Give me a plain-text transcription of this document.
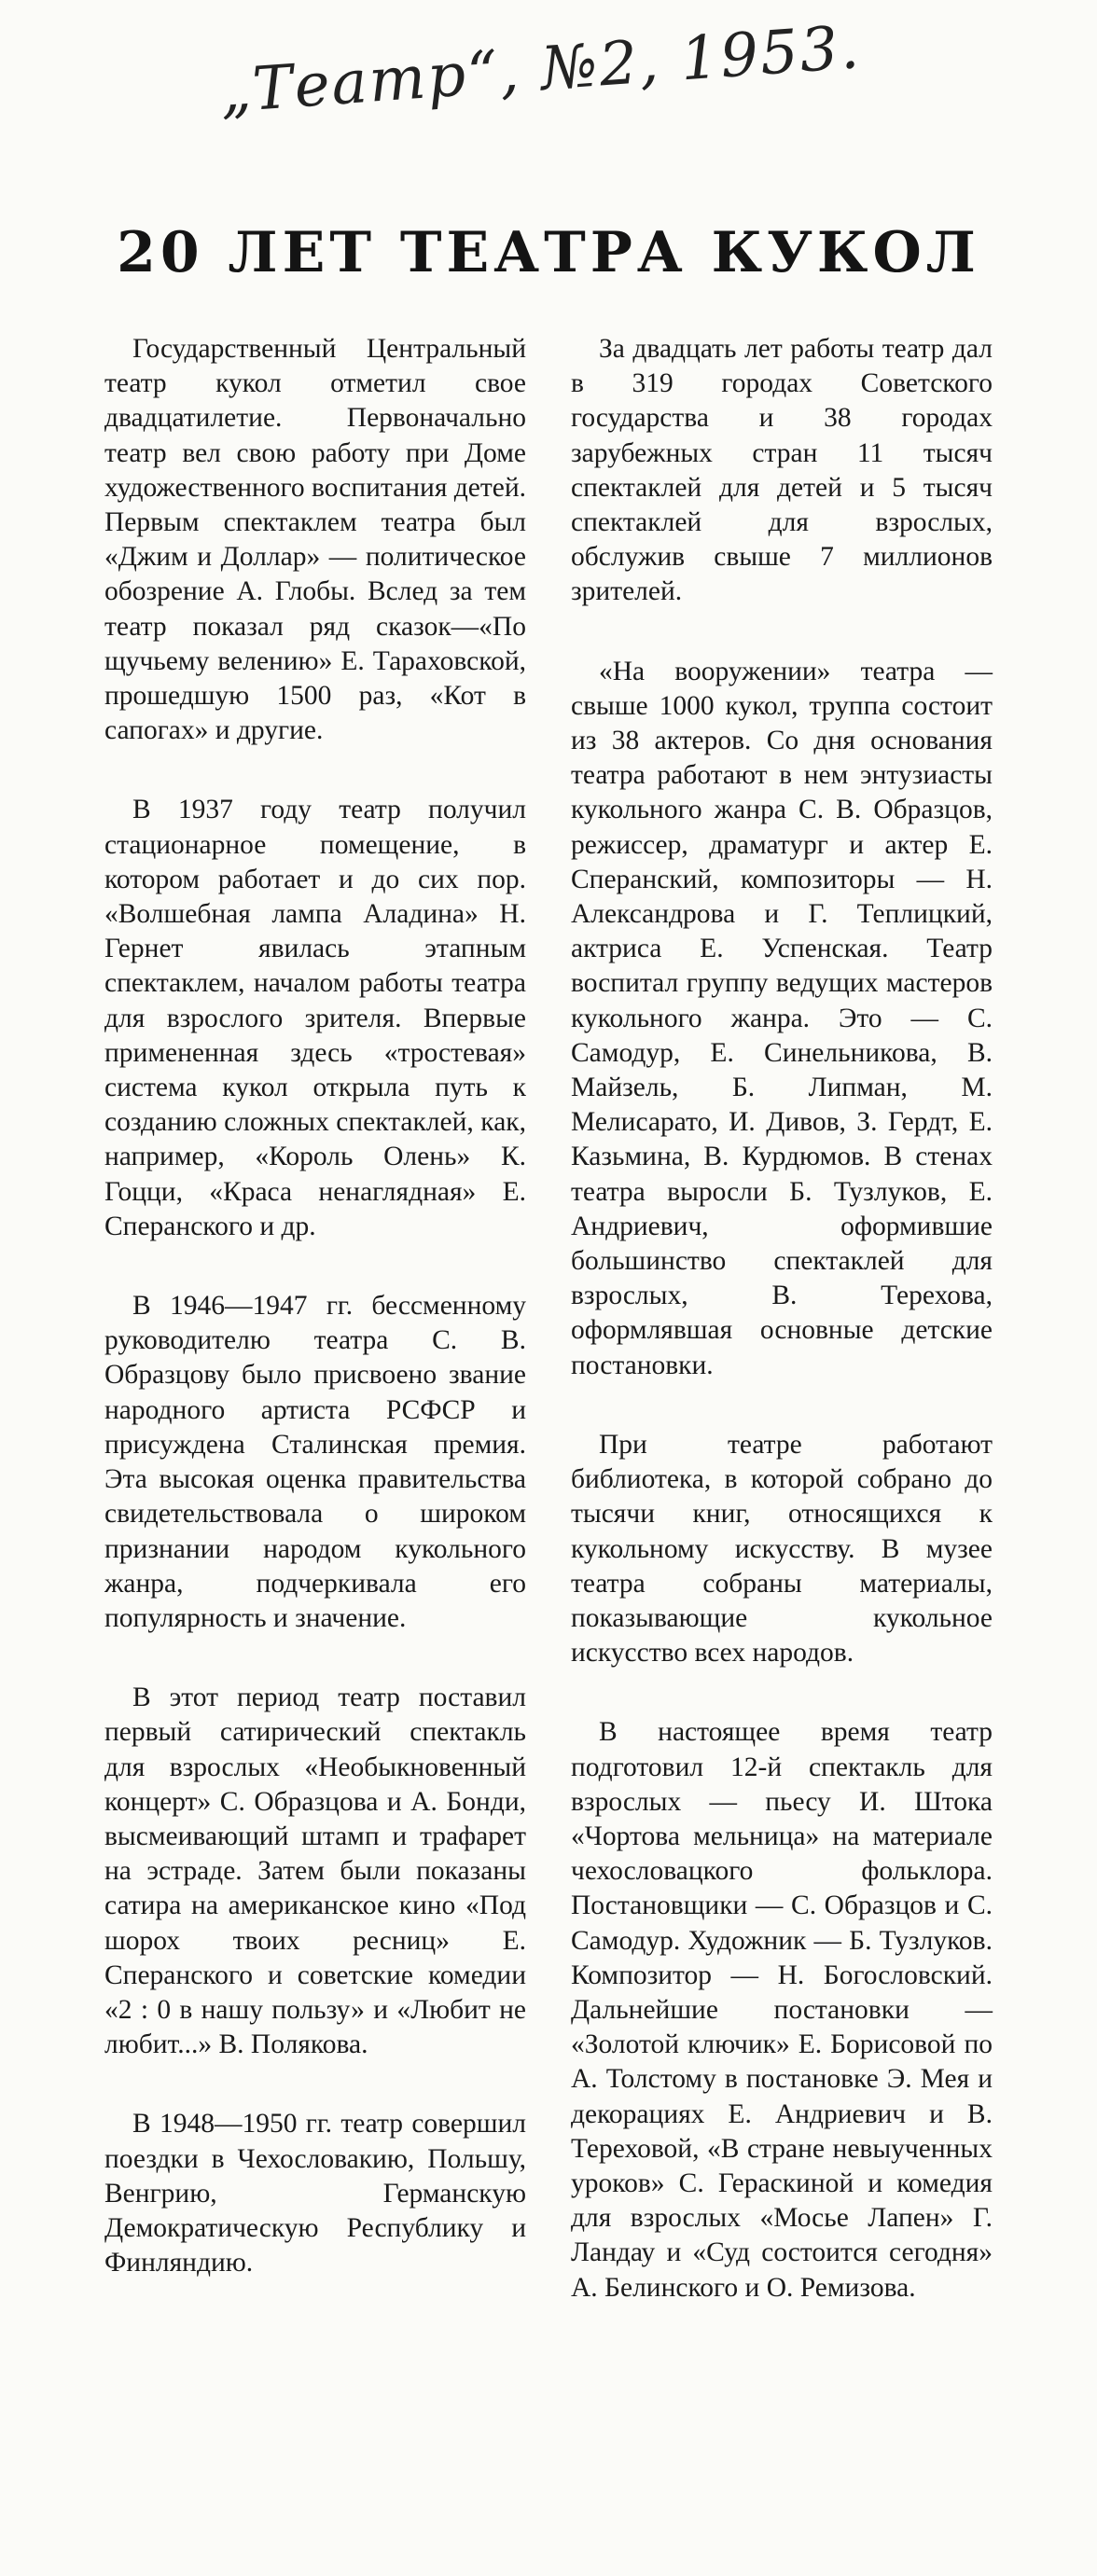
„Театр“, №2, 1953.
20 ЛЕТ ТЕАТРА КУКОЛ

Государственный Центральный театр кукол отметил свое двадцатилетие. Первоначально театр вел свою работу при Доме художественного воспитания детей. Первым спектаклем театра был «Джим и Доллар» — политическое обозрение А. Глобы. Вслед за тем театр показал ряд сказок—«По щучьему велению» Е. Тараховской, прошедшую 1500 раз, «Кот в сапогах» и другие.

В 1937 году театр получил стационарное помещение, в котором работает и до сих пор. «Волшебная лампа Аладина» Н. Гернет явилась этапным спектаклем, началом работы театра для взрослого зрителя. Впервые примененная здесь «тростевая» система кукол открыла путь к созданию сложных спектаклей, как, например, «Король Олень» К. Гоцци, «Краса ненаглядная» Е. Сперанского и др.

В 1946—1947 гг. бессменному руководителю театра С. В. Образцову было присвоено звание народного артиста РСФСР и присуждена Сталинская премия. Эта высокая оценка правительства свидетельствовала о широком признании народом кукольного жанра, подчеркивала его популярность и значение.

В этот период театр поставил первый сатирический спектакль для взрослых «Необыкновенный концерт» С. Образцова и А. Бонди, высмеивающий штамп и трафарет на эстраде. Затем были показаны сатира на американское кино «Под шорох твоих ресниц» Е. Сперанского и советские комедии «2 : 0 в нашу пользу» и «Любит не любит...» В. Полякова.

В 1948—1950 гг. театр совершил поездки в Чехословакию, Польшу, Венгрию, Германскую Демократическую Республику и Финляндию.

За двадцать лет работы театр дал в 319 городах Советского государства и 38 городах зарубежных стран 11 тысяч спектаклей для детей и 5 тысяч спектаклей для взрослых, обслужив свыше 7 миллионов зрителей.

«На вооружении» театра — свыше 1000 кукол, труппа состоит из 38 актеров. Со дня основания театра работают в нем энтузиасты кукольного жанра С. В. Образцов, режиссер, драматург и актер Е. Сперанский, композиторы — Н. Александрова и Г. Теплицкий, актриса Е. Успенская. Театр воспитал группу ведущих мастеров кукольного жанра. Это — С. Самодур, Е. Синельникова, В. Майзель, Б. Липман, М. Мелисарато, И. Дивов, З. Гердт, Е. Казьмина, В. Курдюмов. В стенах театра выросли Б. Тузлуков, Е. Андриевич, оформившие большинство спектаклей для взрослых, В. Терехова, оформлявшая основные детские постановки.

При театре работают библиотека, в которой собрано до тысячи книг, относящихся к кукольному искусству. В музее театра собраны материалы, показывающие кукольное искусство всех народов.

В настоящее время театр подготовил 12-й спектакль для взрослых — пьесу И. Штока «Чортова мельница» на материале чехословацкого фольклора. Постановщики — С. Образцов и С. Самодур. Художник — Б. Тузлуков. Композитор — Н. Богословский. Дальнейшие постановки — «Золотой ключик» Е. Борисовой по А. Толстому в постановке Э. Мея и декорациях Е. Андриевич и В. Тереховой, «В стране невыученных уроков» С. Гераскиной и комедия для взрослых «Мосье Лапен» Г. Ландау и «Суд состоится сегодня» А. Белинского и О. Ремизова.
